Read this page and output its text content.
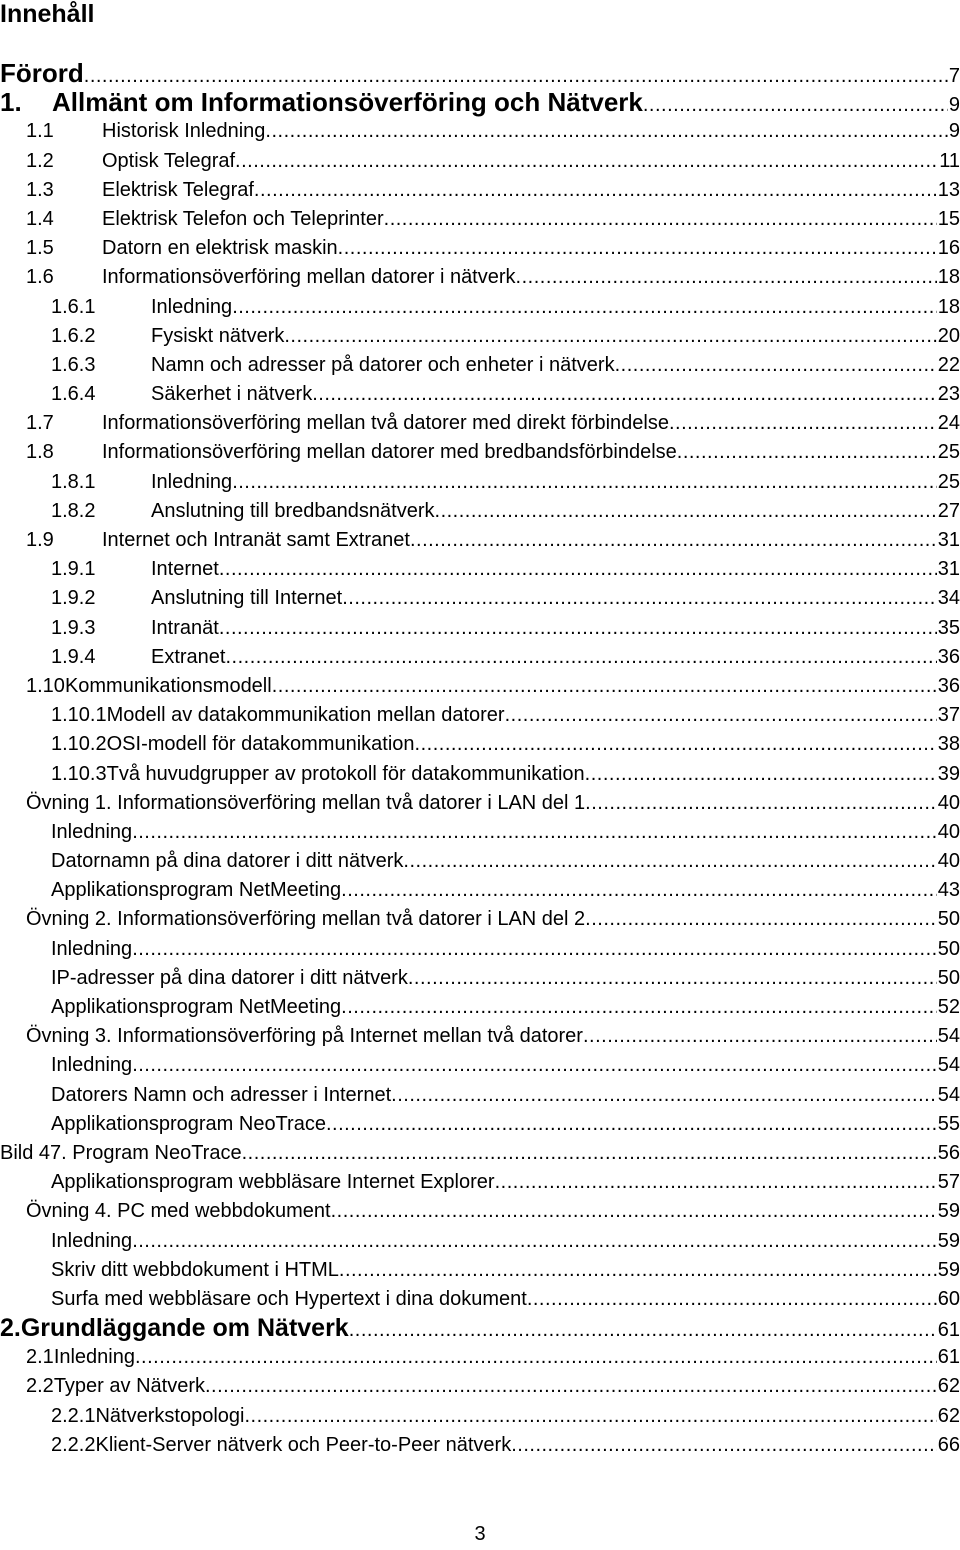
Innehåll
Förord .....	7
1.	Allmänt om Informationsöverföring och Nätverk .....	9
1.1	Historisk Inledning .....	9
1.2	Optisk Telegraf .....	11
1.3	Elektrisk Telegraf .....	13
1.4	Elektrisk Telefon och Teleprinter .....	15
1.5	Datorn en elektrisk maskin .....	16
1.6	Informationsöverföring mellan datorer i nätverk .....	18
1.6.1	Inledning .....	18
1.6.2	Fysiskt nätverk .....	20
1.6.3	Namn och adresser på datorer och enheter i nätverk .....	22
1.6.4	Säkerhet i nätverk .....	23
1.7	Informationsöverföring mellan två datorer med direkt förbindelse .....	24
1.8	Informationsöverföring mellan datorer med bredbandsförbindelse .....	25
1.8.1	Inledning .....	25
1.8.2	Anslutning till bredbandsnätverk .....	27
1.9	Internet och Intranät samt Extranet .....	31
1.9.1	Internet .....	31
1.9.2	Anslutning till Internet .....	34
1.9.3	Intranät .....	35
1.9.4	Extranet .....	36
1.10 Kommunikationsmodell .....	36
1.10.1 Modell av datakommunikation mellan datorer .....	37
1.10.2 OSI-modell för datakommunikation .....	38
1.10.3 Två huvudgrupper av protokoll för datakommunikation .....	39
Övning 1. Informationsöverföring mellan två datorer i LAN del 1 .....	40
Inledning .....	40
Datornamn på dina datorer i ditt nätverk .....	40
Applikationsprogram NetMeeting .....	43
Övning 2. Informationsöverföring mellan två datorer i LAN del 2 .....	50
Inledning .....	50
IP-adresser på dina datorer i ditt nätverk .....	50
Applikationsprogram NetMeeting .....	52
Övning 3. Informationsöverföring på Internet mellan två datorer .....	54
Inledning .....	54
Datorers Namn och adresser i Internet .....	54
Applikationsprogram NeoTrace .....	55
Bild 47. Program NeoTrace .....	56
Applikationsprogram webbläsare Internet Explorer .....	57
Övning 4. PC med webbdokument .....	59
Inledning .....	59
Skriv ditt webbdokument i HTML .....	59
Surfa med webbläsare och Hypertext i dina dokument .....	60
2. Grundläggande om Nätverk .....	61
2.1 Inledning .....	61
2.2 Typer av Nätverk .....	62
2.2.1 Nätverkstopologi .....	62
2.2.2 Klient-Server nätverk och Peer-to-Peer nätverk .....	66
3
